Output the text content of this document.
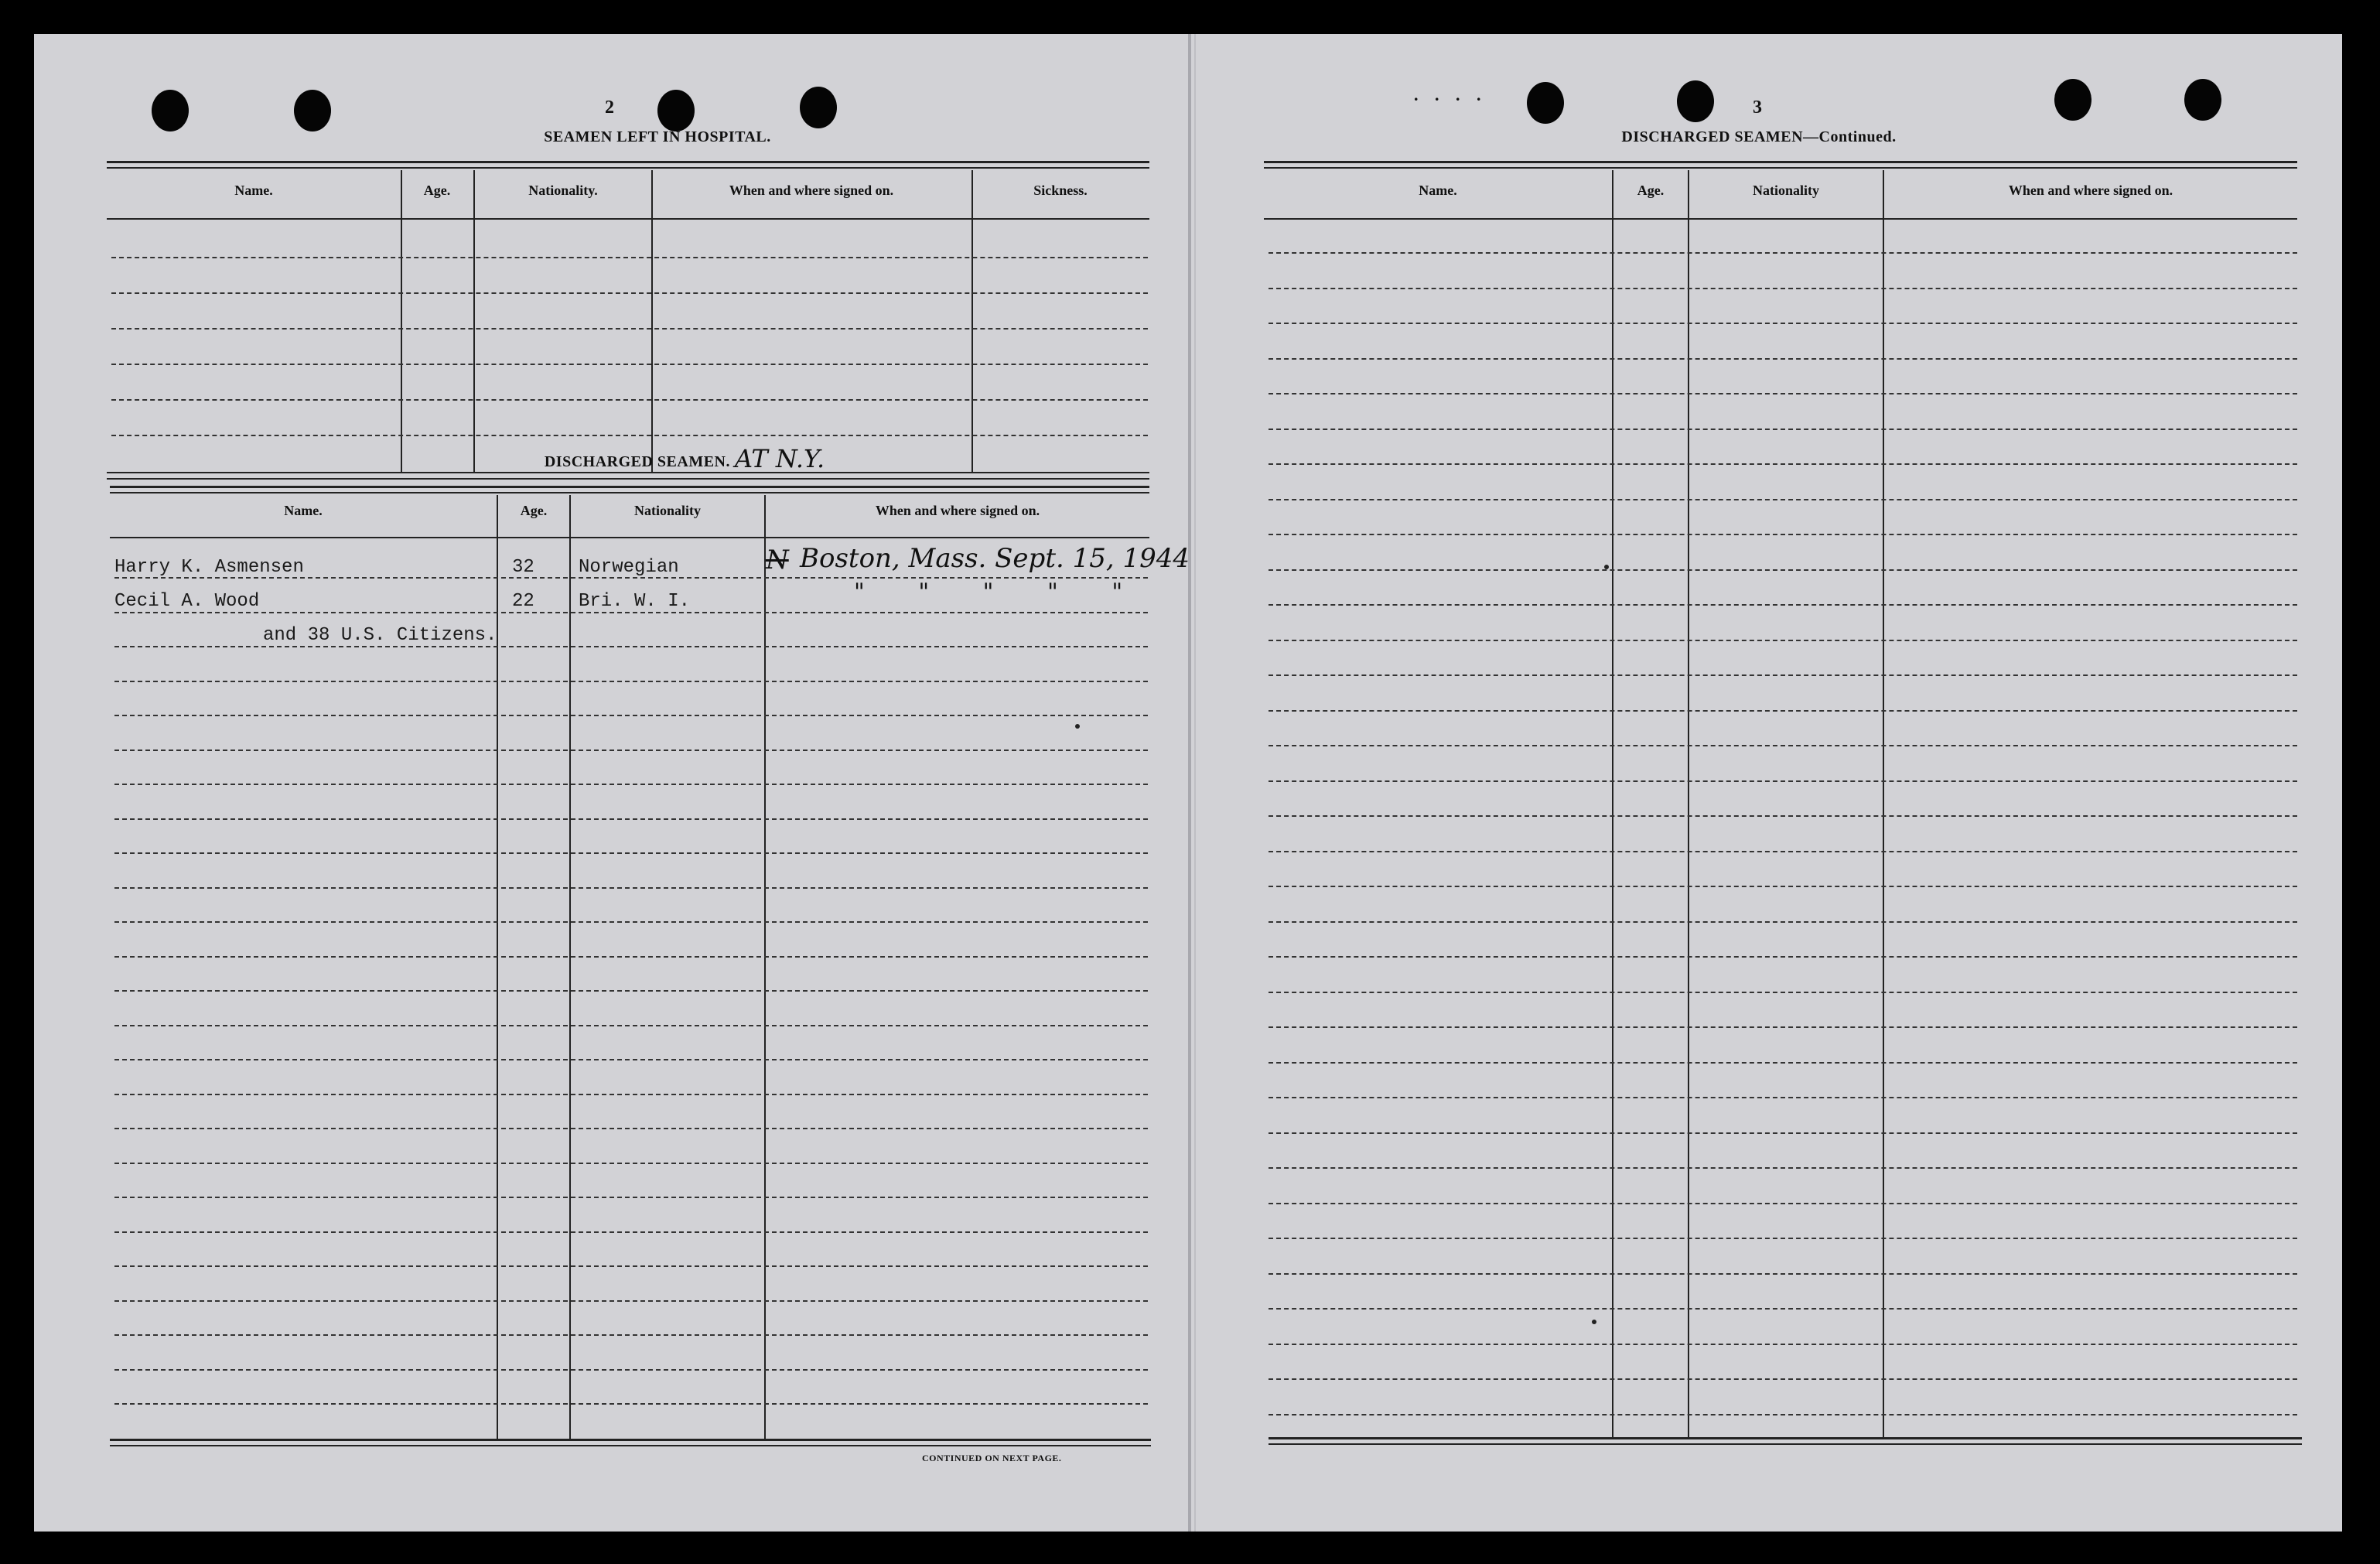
2
SEAMEN LEFT IN HOSPITAL.
Name.	Age.	Nationality.	When and where signed on.	Sickness.
DISCHARGED SEAMEN. AT N.Y.
Name.	Age.	Nationality	When and where signed on.
Harry K. Asmensen	32 Norwegian	N Boston, Mass. Sept. 15, 1944
Cecil A. Wood	22 Bri. W. I.	" " " " "
and 38 U.S. Citizens.
CONTINUED ON NEXT PAGE.
. . . .
3
DISCHARGED SEAMEN—Continued.
Name.	Age.	Nationality	When and where signed on.
